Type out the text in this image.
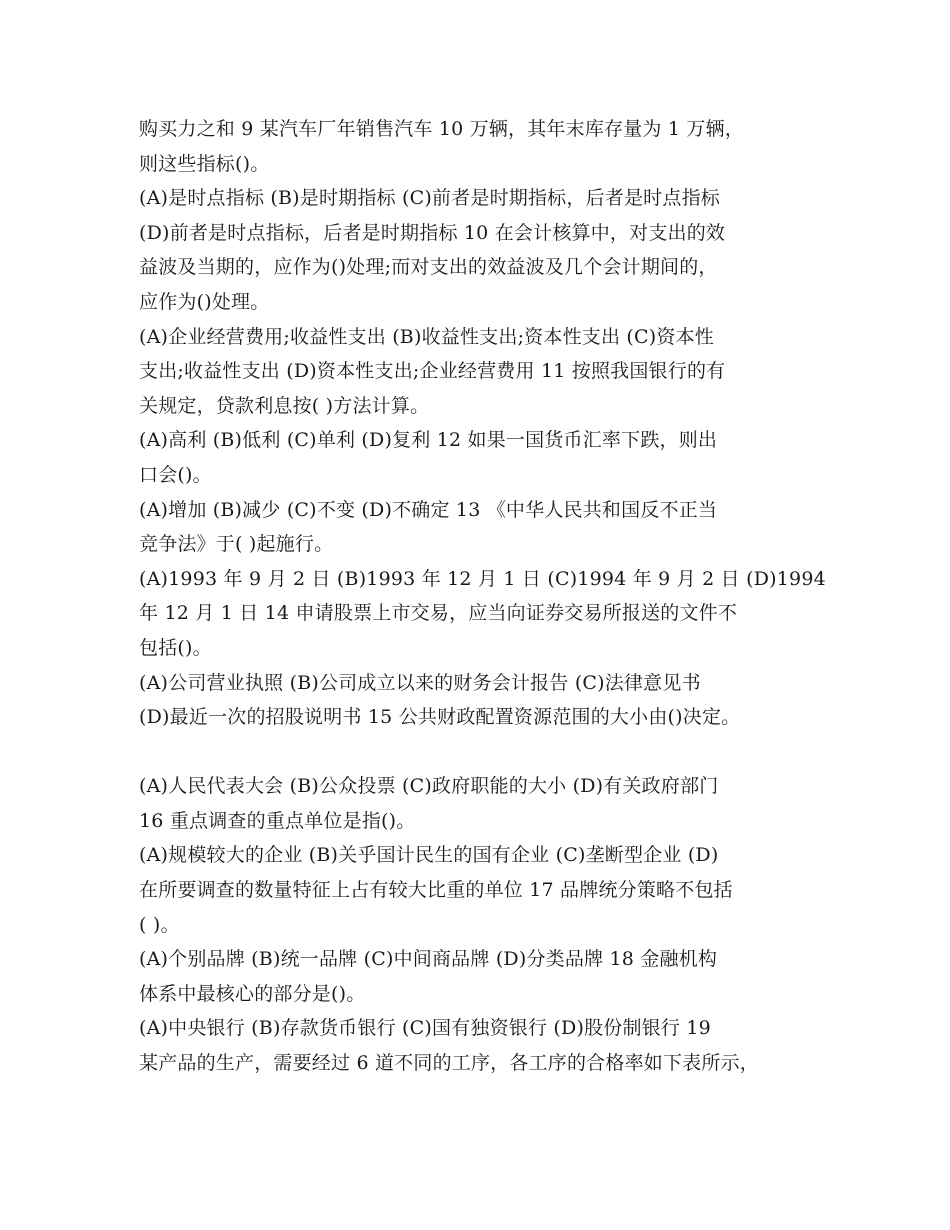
购买力之和 9 某汽车厂年销售汽车 10 万辆，其年末库存量为 1 万辆，
则这些指标()。
(A)是时点指标 (B)是时期指标 (C)前者是时期指标，后者是时点指标
(D)前者是时点指标，后者是时期指标 10 在会计核算中，对支出的效
益波及当期的，应作为()处理;而对支出的效益波及几个会计期间的，
应作为()处理。
(A)企业经营费用;收益性支出 (B)收益性支出;资本性支出 (C)资本性
支出;收益性支出 (D)资本性支出;企业经营费用 11 按照我国银行的有
关规定，贷款利息按( )方法计算。
(A)高利 (B)低利 (C)单利 (D)复利 12 如果一国货币汇率下跌，则出
口会()。
(A)增加 (B)减少 (C)不变 (D)不确定 13 《中华人民共和国反不正当
竞争法》于( )起施行。
(A)1993 年 9 月 2 日 (B)1993 年 12 月 1 日 (C)1994 年 9 月 2 日 (D)1994
年 12 月 1 日 14 申请股票上市交易，应当向证券交易所报送的文件不
包括()。
(A)公司营业执照 (B)公司成立以来的财务会计报告 (C)法律意见书
(D)最近一次的招股说明书 15 公共财政配置资源范围的大小由()决定。
(A)人民代表大会 (B)公众投票 (C)政府职能的大小 (D)有关政府部门
16 重点调查的重点单位是指()。
(A)规模较大的企业 (B)关乎国计民生的国有企业 (C)垄断型企业 (D)
在所要调查的数量特征上占有较大比重的单位 17 品牌统分策略不包括
( )。
(A)个别品牌 (B)统一品牌 (C)中间商品牌 (D)分类品牌 18 金融机构
体系中最核心的部分是()。
(A)中央银行 (B)存款货币银行 (C)国有独资银行 (D)股份制银行 19
某产品的生产，需要经过 6 道不同的工序，各工序的合格率如下表所示，
